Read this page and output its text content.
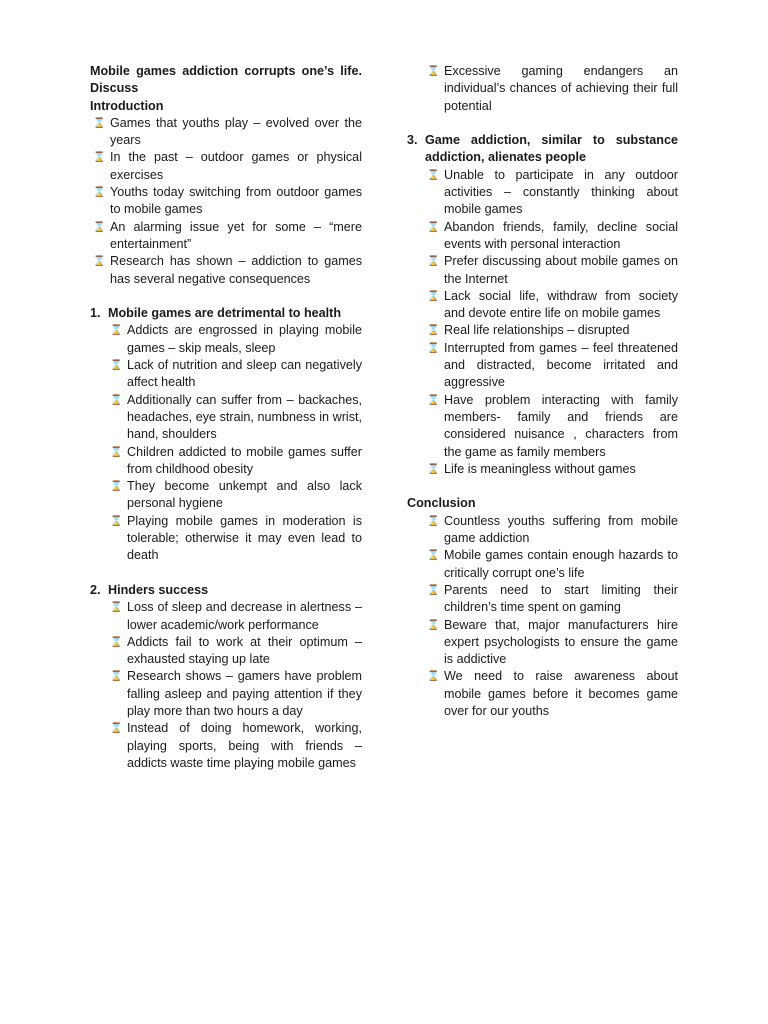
Mobile games addiction corrupts one’s life. Discuss
Introduction
⌛ Games that youths play – evolved over the years
⌛ In the past – outdoor games or physical exercises
⌛ Youths today switching from outdoor games to mobile games
⌛ An alarming issue yet for some – “mere entertainment”
⌛ Research has shown – addiction to games has several negative consequences
1. Mobile games are detrimental to health
⌛ Addicts are engrossed in playing mobile games – skip meals, sleep
⌛ Lack of nutrition and sleep can negatively affect health
⌛ Additionally can suffer from – backaches, headaches, eye strain, numbness in wrist, hand, shoulders
⌛ Children addicted to mobile games suffer from childhood obesity
⌛ They become unkempt and also lack personal hygiene
⌛ Playing mobile games in moderation is tolerable; otherwise it may even lead to death
2. Hinders success
⌛ Loss of sleep and decrease in alertness – lower academic/work performance
⌛ Addicts fail to work at their optimum – exhausted staying up late
⌛ Research shows – gamers have problem falling asleep and paying attention if they play more than two hours a day
⌛ Instead of doing homework, working, playing sports, being with friends – addicts waste time playing mobile games
⌛ Excessive gaming endangers an individual’s chances of achieving their full potential
3. Game addiction, similar to substance addiction, alienates people
⌛ Unable to participate in any outdoor activities – constantly thinking about mobile games
⌛ Abandon friends, family, decline social events with personal interaction
⌛ Prefer discussing about mobile games on the Internet
⌛ Lack social life, withdraw from society and devote entire life on mobile games
⌛ Real life relationships – disrupted
⌛ Interrupted from games – feel threatened and distracted, become irritated and aggressive
⌛ Have problem interacting with family members- family and friends are considered nuisance , characters from the game as family members
⌛ Life is meaningless without games
Conclusion
⌛ Countless youths suffering from mobile game addiction
⌛ Mobile games contain enough hazards to critically corrupt one’s life
⌛ Parents need to start limiting their children’s time spent on gaming
⌛ Beware that, major manufacturers hire expert psychologists to ensure the game is addictive
⌛ We need to raise awareness about mobile games before it becomes game over for our youths
